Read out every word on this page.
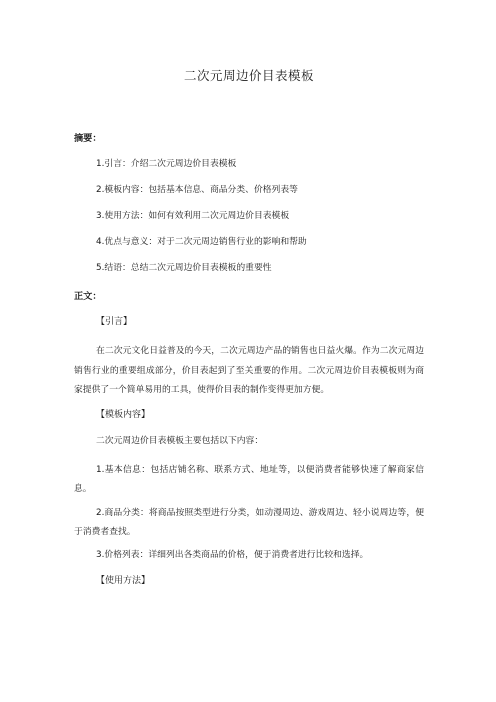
二次元周边价目表模板
摘要：
1.引言：介绍二次元周边价目表模板
2.模板内容：包括基本信息、商品分类、价格列表等
3.使用方法：如何有效利用二次元周边价目表模板
4.优点与意义：对于二次元周边销售行业的影响和帮助
5.结语：总结二次元周边价目表模板的重要性
正文：
【引言】

在二次元文化日益普及的今天，二次元周边产品的销售也日益火爆。作为二次元周边销售行业的重要组成部分，价目表起到了至关重要的作用。二次元周边价目表模板则为商家提供了一个简单易用的工具，使得价目表的制作变得更加方便。

【模板内容】
二次元周边价目表模板主要包括以下内容：

1.基本信息：包括店铺名称、联系方式、地址等，以便消费者能够快速了解商家信息。

2.商品分类：将商品按照类型进行分类，如动漫周边、游戏周边、轻小说周边等，便于消费者查找。

3.价格列表：详细列出各类商品的价格，便于消费者进行比较和选择。
【使用方法】
